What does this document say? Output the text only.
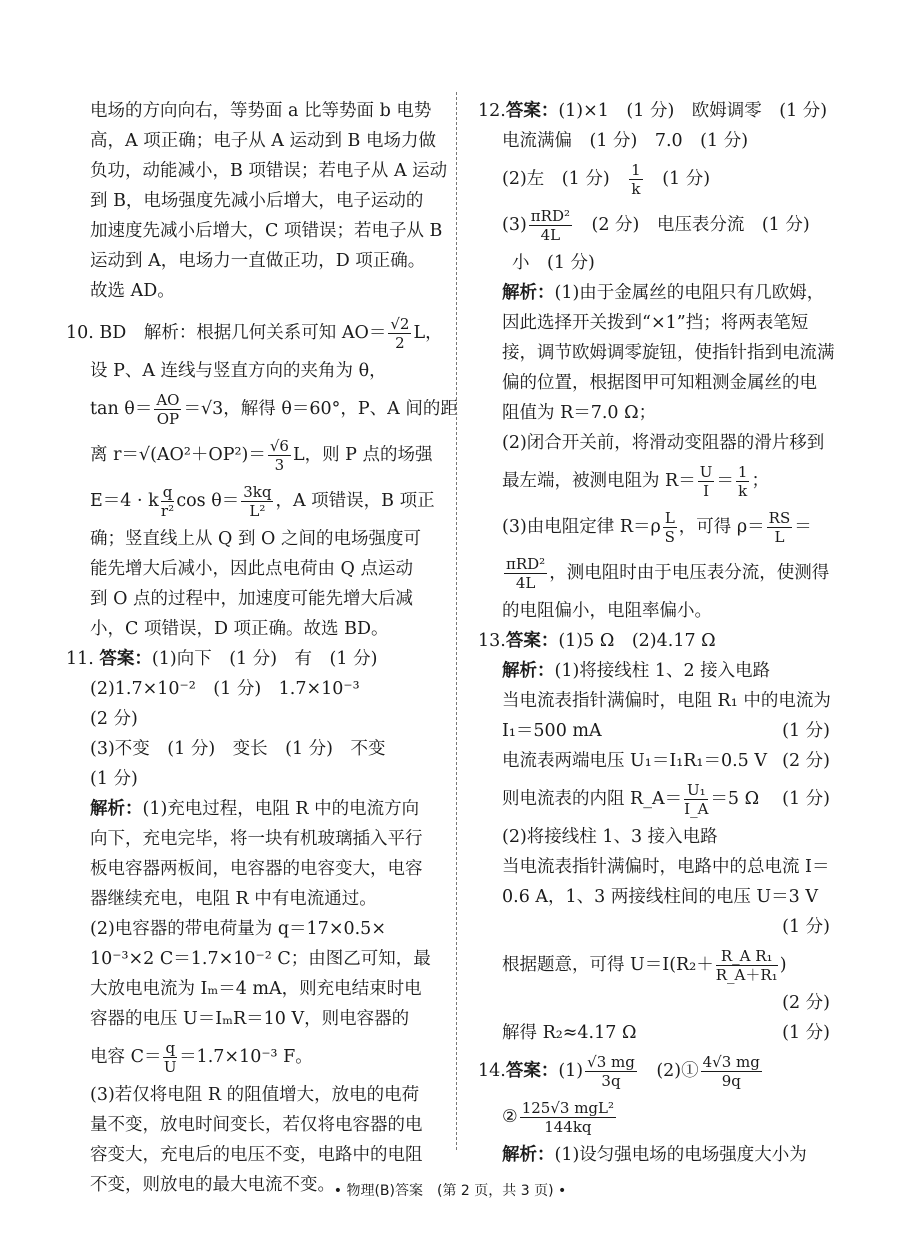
电场的方向向右，等势面 a 比等势面 b 电势
高，A 项正确；电子从 A 运动到 B 电场力做
负功，动能减小，B 项错误；若电子从 A 运动
到 B，电场强度先减小后增大，电子运动的
加速度先减小后增大，C 项错误；若电子从 B
运动到 A，电场力一直做正功，D 项正确。
故选 AD。
10. BD　解析：根据几何关系可知 $AO= \frac{√2}{2}$ L，
设 P、A 连线与竖直方向的夹角为 θ，
$\tan \theta= \frac{AO}{OP} =√3$，解得 θ＝60°，P、A 间的距
离 $r=√(AO^2+OP^2)= \frac{√6}{3}$ L，则 P 点的场强
E＝4 · k $\frac{q}{\text{r²}}$ $\cos \theta= \frac{3kq}{\text{L²}}$ ，A 项错误，B 项正
确；竖直线上从 Q 到 O 之间的电场强度可
能先增大后减小，因此点电荷由 Q 点运动
到 O 点的过程中，加速度可能先增大后减
小，C 项错误，D 项正确。故选 BD。
11. 答案：(1)向下　(1 分)　有　(1 分)
(2)1.7×10⁻²　(1 分)　1.7×10⁻³
(2 分)
(3)不变　(1 分)　变长　(1 分)　不变
(1 分)
解析：(1)充电过程，电阻 R 中的电流方向
向下，充电完毕，将一块有机玻璃插入平行
板电容器两板间，电容器的电容变大，电容
器继续充电，电阻 R 中有电流通过。
(2)电容器的带电荷量为 q＝17×0.5×
10⁻³×2 C＝1.7×10⁻² C；由图乙可知，最
大放电电流为 Iₘ＝4 mA，则充电结束时电
容器的电压 U＝IₘR＝10 V，则电容器的
电容 $C= \frac{q}{U} =1.7\times 10^{-3}$ F。
(3)若仅将电阻 R 的阻值增大，放电的电荷
量不变，放电时间变长，若仅将电容器的电
容变大，充电后的电压不变，电路中的电阻
不变，则放电的最大电流不变。
12.答案：(1)×1　(1 分)　欧姆调零　(1 分)
电流满偏　(1 分)　7.0　(1 分)
(2)左　(1 分)　 $\frac{1}{k}$
　 (1 分)
$(3) \frac{\text{πRD²}}{4L}$
　 (2 分)　电压表分流　(1 分)
小　(1 分)
解析：(1)由于金属丝的电阻只有几欧姆，
因此选择开关拨到“×1”挡；将两表笔短
接，调节欧姆调零旋钮，使指针指到电流满
偏的位置，根据图甲可知粗测金属丝的电
阻值为 R＝7.0 Ω；
(2)闭合开关前，将滑动变阻器的滑片移到
最左端，被测电阻为 $R= \frac{U}{I} = \frac{1}{k}$ ；
(3)由电阻定律 $R=\rho \frac{L}{S}$ ，可得 $\rho= \frac{RS}{L}$ ＝
$\frac{\text{πRD²}}{4L}$ ，测电阻时由于电压表分流，使测得
的电阻偏小，电阻率偏小。
13.答案：(1)5 Ω　(2)4.17 Ω
解析：(1)将接线柱 1、2 接入电路
当电流表指针满偏时，电阻 R₁ 中的电流为
I₁＝500 mA	(1 分)
电流表两端电压 U₁＝I₁R₁＝0.5 V (2 分)
则电流表的内阻 R_A＝ $\frac{\text{U₁}}{I\_A} =5$ Ω (1 分)
(2)将接线柱 1、3 接入电路
当电流表指针满偏时，电路中的总电流 I＝
0.6 A，1、3 两接线柱间的电压 U＝3 V
(1 分)
根据题意，可得 $U=I(R_2+ \frac{\text{R\_A R₁}}{\text{R\_A＋R₁}}$ )
(2 分)
解得 R₂≈4.17 Ω	(1 分)
14.答案：$(1) \frac{√3 mg}{3q}$ 　(2)① $\frac{4√3 mg}{9q}$
② $\frac{\text{125√3 mgL²}}{144kq}$
解析：(1)设匀强电场的电场强度大小为
• 物理(B)答案　(第 2 页，共 3 页) •
